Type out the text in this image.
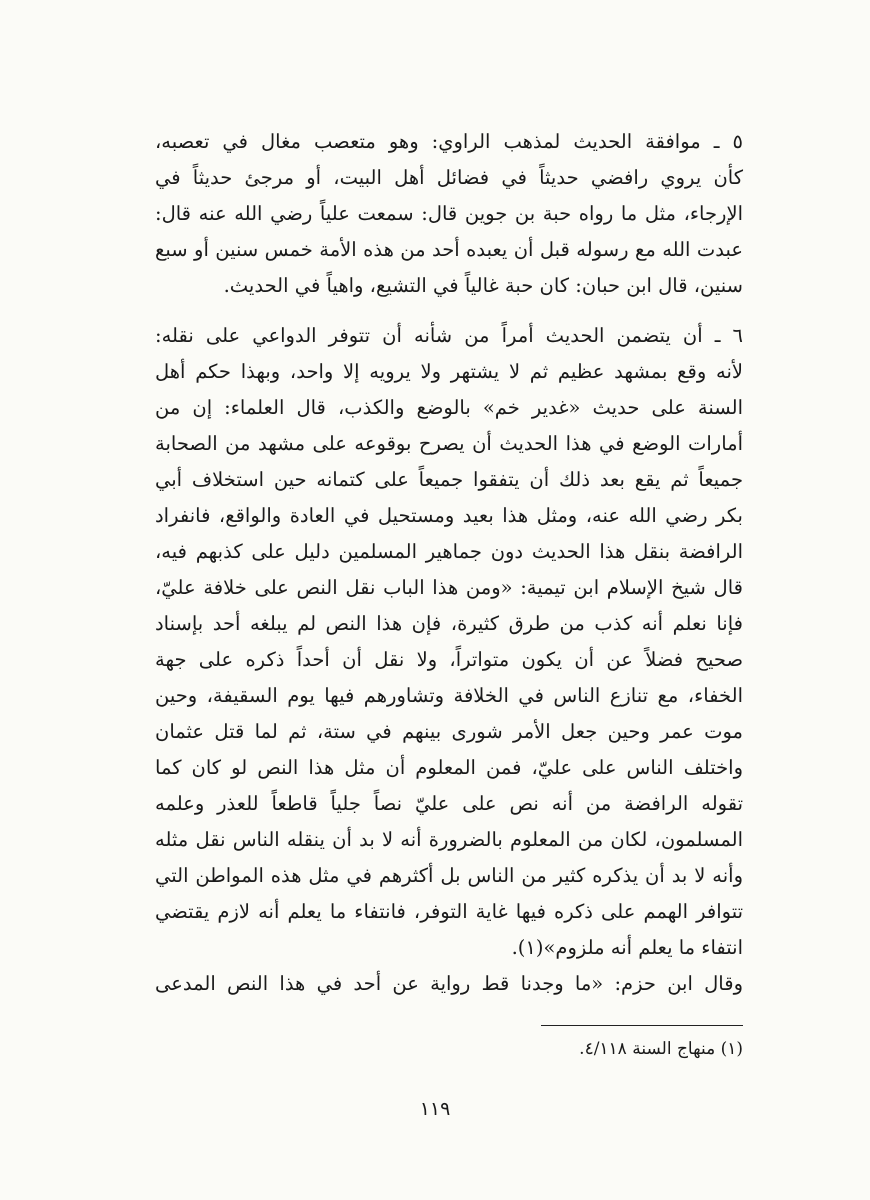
٥ ـ موافقة الحديث لمذهب الراوي: وهو متعصب مغال في تعصبه،
كأن يروي رافضي حديثاً في فضائل أهل البيت، أو مرجئ حديثاً في
الإرجاء، مثل ما رواه حبة بن جوين قال: سمعت علياً رضي الله عنه قال:
عبدت الله مع رسوله قبل أن يعبده أحد من هذه الأمة خمس سنين أو سبع
سنين، قال ابن حبان: كان حبة غالياً في التشيع، واهياً في الحديث.
٦ ـ أن يتضمن الحديث أمراً من شأنه أن تتوفر الدواعي على نقله:
لأنه وقع بمشهد عظيم ثم لا يشتهر ولا يرويه إلا واحد، وبهذا حكم أهل
السنة على حديث «غدير خم» بالوضع والكذب، قال العلماء: إن من
أمارات الوضع في هذا الحديث أن يصرح بوقوعه على مشهد من الصحابة
جميعاً ثم يقع بعد ذلك أن يتفقوا جميعاً على كتمانه حين استخلاف أبي
بكر رضي الله عنه، ومثل هذا بعيد ومستحيل في العادة والواقع، فانفراد
الرافضة بنقل هذا الحديث دون جماهير المسلمين دليل على كذبهم فيه،
قال شيخ الإسلام ابن تيمية: «ومن هذا الباب نقل النص على خلافة عليّ،
فإنا نعلم أنه كذب من طرق كثيرة، فإن هذا النص لم يبلغه أحد بإسناد
صحيح فضلاً عن أن يكون متواتراً، ولا نقل أن أحداً ذكره على جهة
الخفاء، مع تنازع الناس في الخلافة وتشاورهم فيها يوم السقيفة، وحين
موت عمر وحين جعل الأمر شورى بينهم في ستة، ثم لما قتل عثمان
واختلف الناس على عليّ، فمن المعلوم أن مثل هذا النص لو كان كما
تقوله الرافضة من أنه نص على عليّ نصاً جلياً قاطعاً للعذر وعلمه
المسلمون، لكان من المعلوم بالضرورة أنه لا بد أن ينقله الناس نقل مثله
وأنه لا بد أن يذكره كثير من الناس بل أكثرهم في مثل هذه المواطن التي
تتوافر الهمم على ذكره فيها غاية التوفر، فانتفاء ما يعلم أنه لازم يقتضي
انتفاء ما يعلم أنه ملزوم»(١).
وقال ابن حزم: «ما وجدنا قط رواية عن أحد في هذا النص المدعى
(١) منهاج السنة ٤/١١٨.
١١٩
